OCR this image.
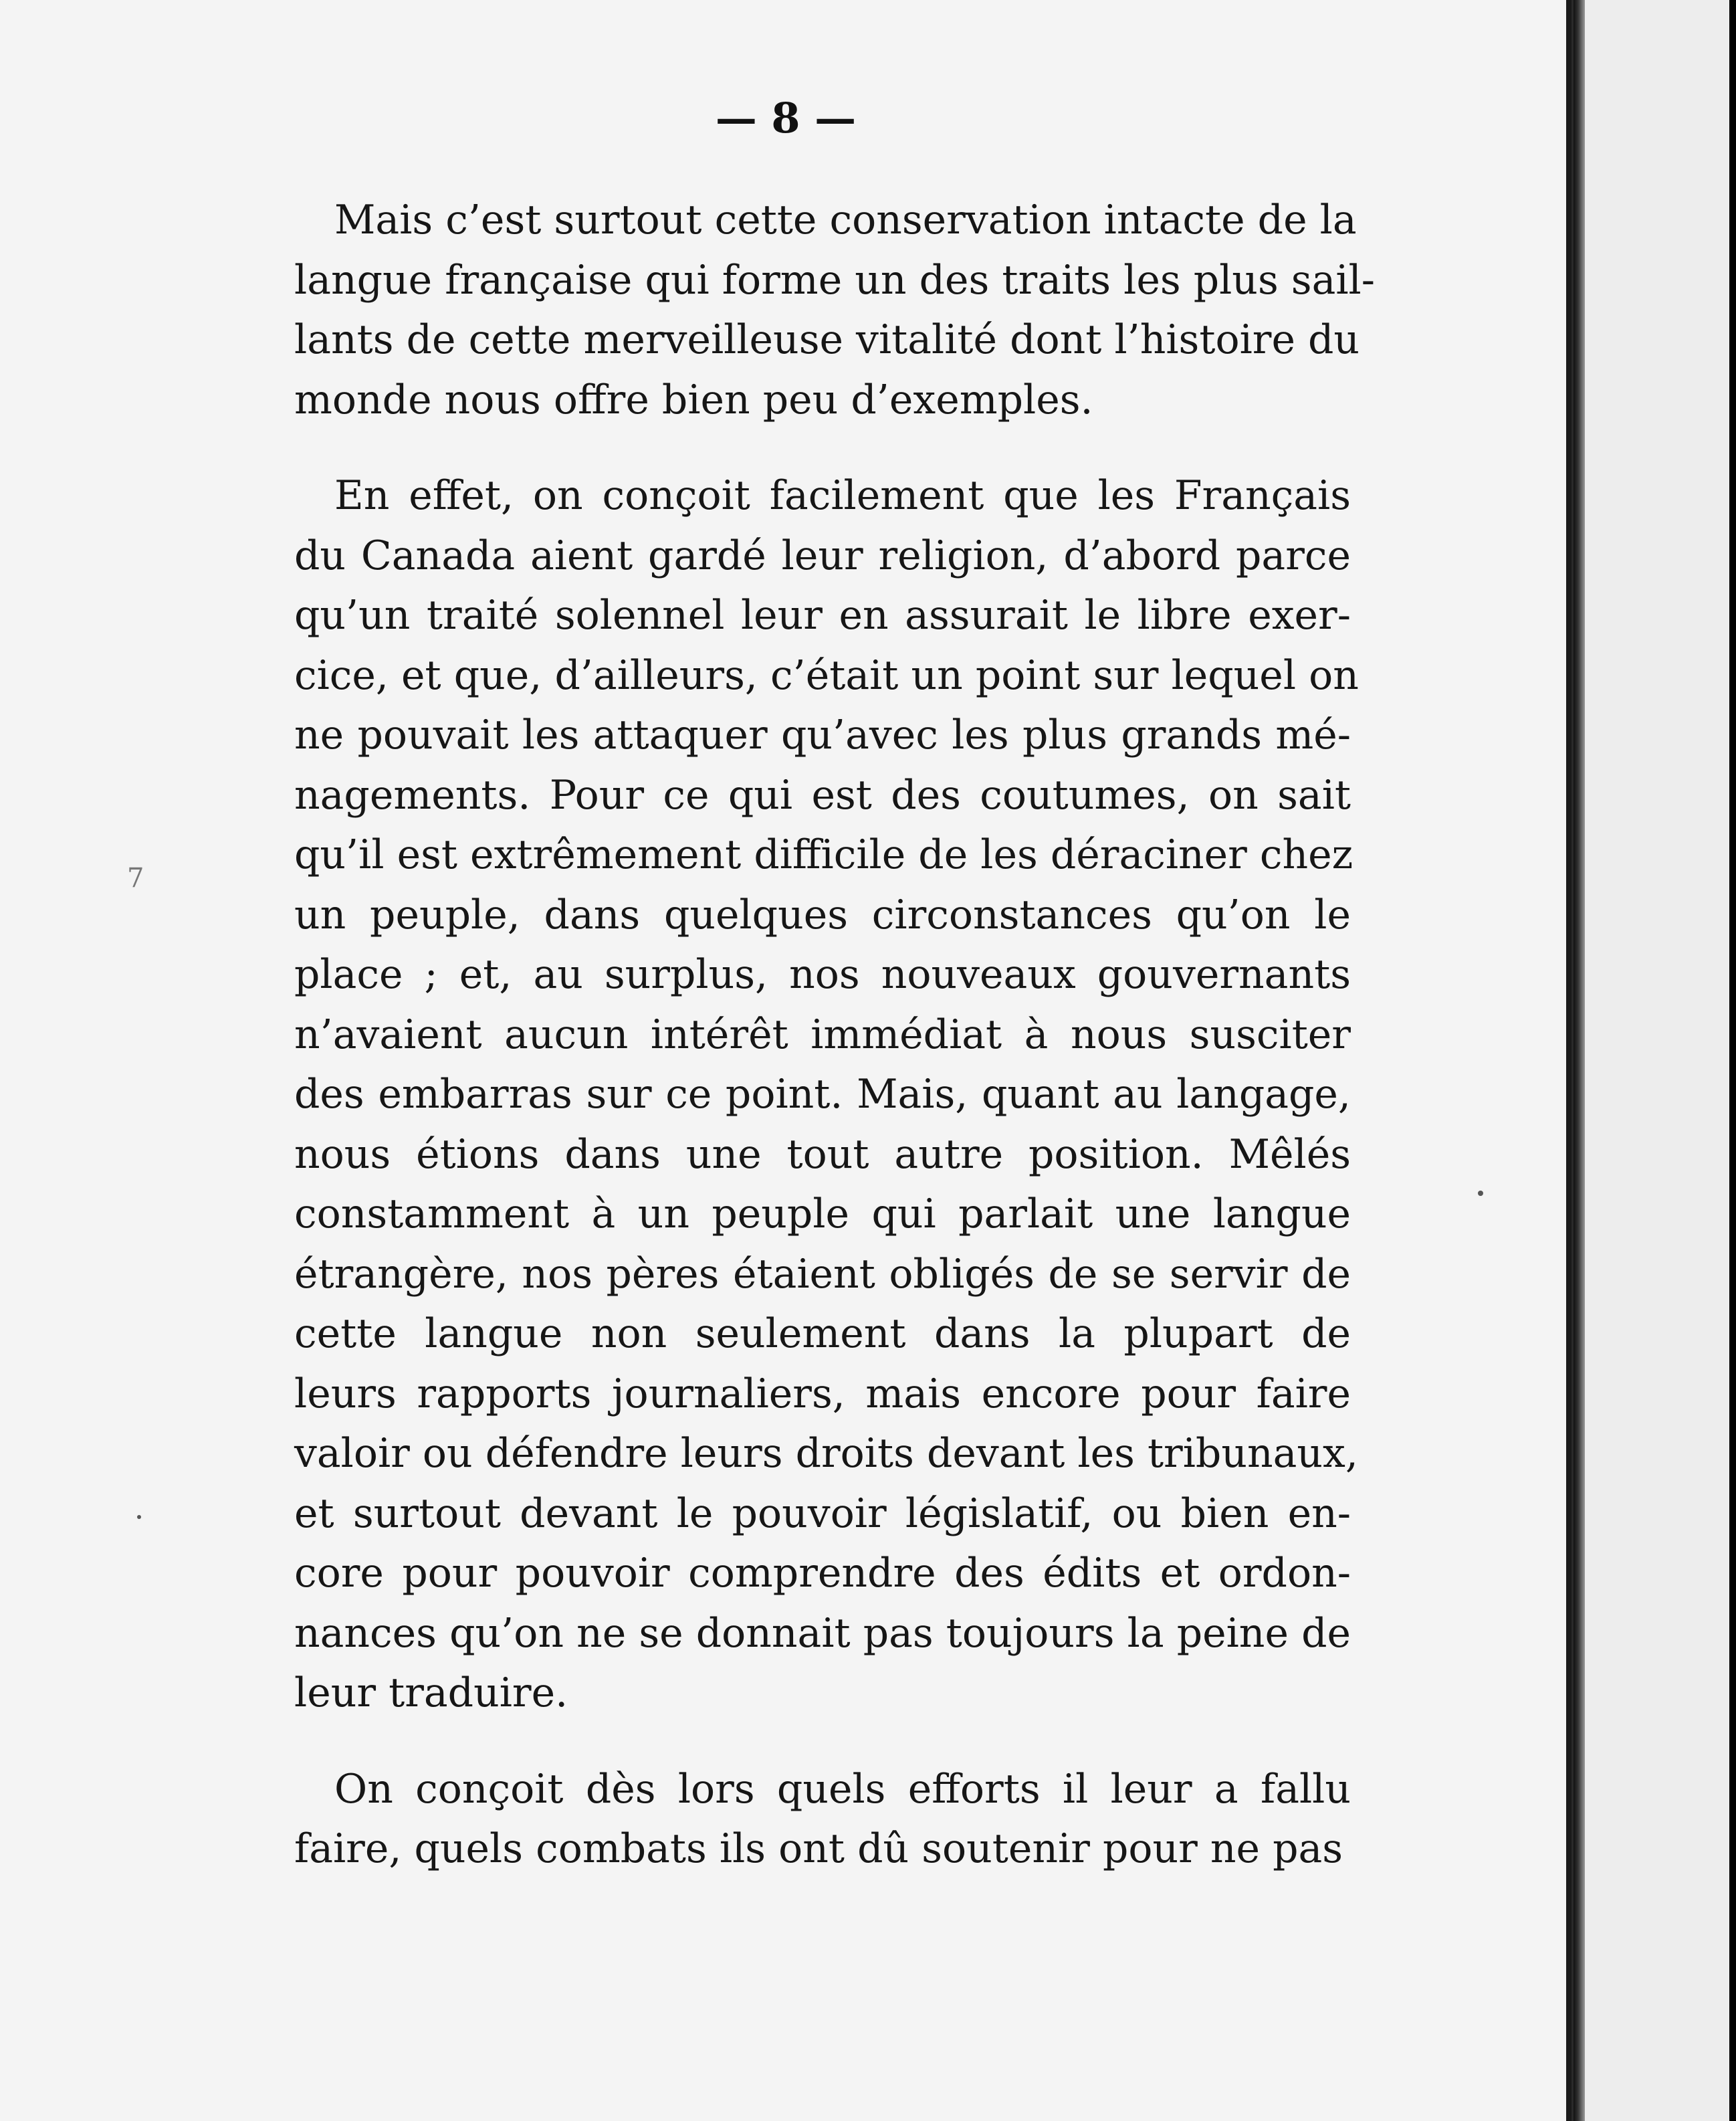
— 8 —

 Mais c’est surtout cette conservation intacte de la
langue française qui forme un des traits les plus sail-
lants de cette merveilleuse vitalité dont l’histoire du
monde nous offre bien peu d’exemples.

 En effet, on conçoit facilement que les Français
du Canada aient gardé leur religion, d’abord parce
qu’un traité solennel leur en assurait le libre exer-
cice, et que, d’ailleurs, c’était un point sur lequel on
ne pouvait les attaquer qu’avec les plus grands mé-
nagements. Pour ce qui est des coutumes, on sait
qu’il est extrêmement difficile de les déraciner chez
un peuple, dans quelques circonstances qu’on le
place ; et, au surplus, nos nouveaux gouvernants
n’avaient aucun intérêt immédiat à nous susciter
des embarras sur ce point. Mais, quant au langage,
nous étions dans une tout autre position. Mêlés
constamment à un peuple qui parlait une langue
étrangère, nos pères étaient obligés de se servir de
cette langue non seulement dans la plupart de
leurs rapports journaliers, mais encore pour faire
valoir ou défendre leurs droits devant les tribunaux,
et surtout devant le pouvoir législatif, ou bien en-
core pour pouvoir comprendre des édits et ordon-
nances qu’on ne se donnait pas toujours la peine de
leur traduire.

 On conçoit dès lors quels efforts il leur a fallu
faire, quels combats ils ont dû soutenir pour ne pas

7
